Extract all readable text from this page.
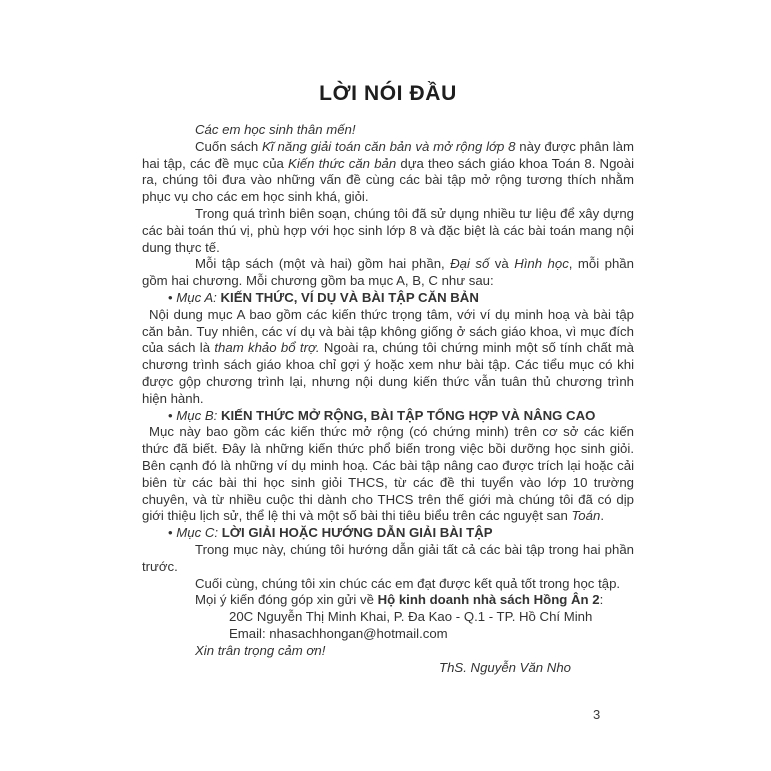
LỜI NÓI ĐẦU

Các em học sinh thân mến!

Cuốn sách Kĩ năng giải toán căn bản và mở rộng lớp 8 này được phân làm hai tập, các đề mục của Kiến thức căn bản dựa theo sách giáo khoa Toán 8. Ngoài ra, chúng tôi đưa vào những vấn đề cùng các bài tập mở rộng tương thích nhằm phục vụ cho các em học sinh khá, giỏi.

Trong quá trình biên soạn, chúng tôi đã sử dụng nhiều tư liệu để xây dựng các bài toán thú vị, phù hợp với học sinh lớp 8 và đặc biệt là các bài toán mang nội dung thực tế.

Mỗi tập sách (một và hai) gồm hai phần, Đại số và Hình học, mỗi phần gồm hai chương. Mỗi chương gồm ba mục A, B, C như sau:

• Mục A: KIẾN THỨC, VÍ DỤ VÀ BÀI TẬP CĂN BẢN

Nội dung mục A bao gồm các kiến thức trọng tâm, với ví dụ minh hoạ và bài tập căn bản. Tuy nhiên, các ví dụ và bài tập không giống ở sách giáo khoa, vì mục đích của sách là tham khảo bổ trợ. Ngoài ra, chúng tôi chứng minh một số tính chất mà chương trình sách giáo khoa chỉ gợi ý hoặc xem như bài tập. Các tiểu mục có khi được gộp chương trình lại, nhưng nội dung kiến thức vẫn tuân thủ chương trình hiện hành.

• Mục B: KIẾN THỨC MỞ RỘNG, BÀI TẬP TỔNG HỢP VÀ NÂNG CAO

Mục này bao gồm các kiến thức mở rộng (có chứng minh) trên cơ sở các kiến thức đã biết. Đây là những kiến thức phổ biến trong việc bồi dưỡng học sinh giỏi. Bên cạnh đó là những ví dụ minh hoạ. Các bài tập nâng cao được trích lại hoặc cải biên từ các bài thi học sinh giỏi THCS, từ các đề thi tuyển vào lớp 10 trường chuyên, và từ nhiều cuộc thi dành cho THCS trên thế giới mà chúng tôi đã có dịp giới thiệu lịch sử, thể lệ thi và một số bài thi tiêu biểu trên các nguyệt san Toán.

• Mục C: LỜI GIẢI HOẶC HƯỚNG DẪN GIẢI BÀI TẬP

Trong mục này, chúng tôi hướng dẫn giải tất cả các bài tập trong hai phần trước.

Cuối cùng, chúng tôi xin chúc các em đạt được kết quả tốt trong học tập.

Mọi ý kiến đóng góp xin gửi về Hộ kinh doanh nhà sách Hồng Ân 2:

20C Nguyễn Thị Minh Khai, P. Đa Kao - Q.1 - TP. Hồ Chí Minh

Email: nhasachhongan@hotmail.com

Xin trân trọng cảm ơn!

ThS. Nguyễn Văn Nho

3
